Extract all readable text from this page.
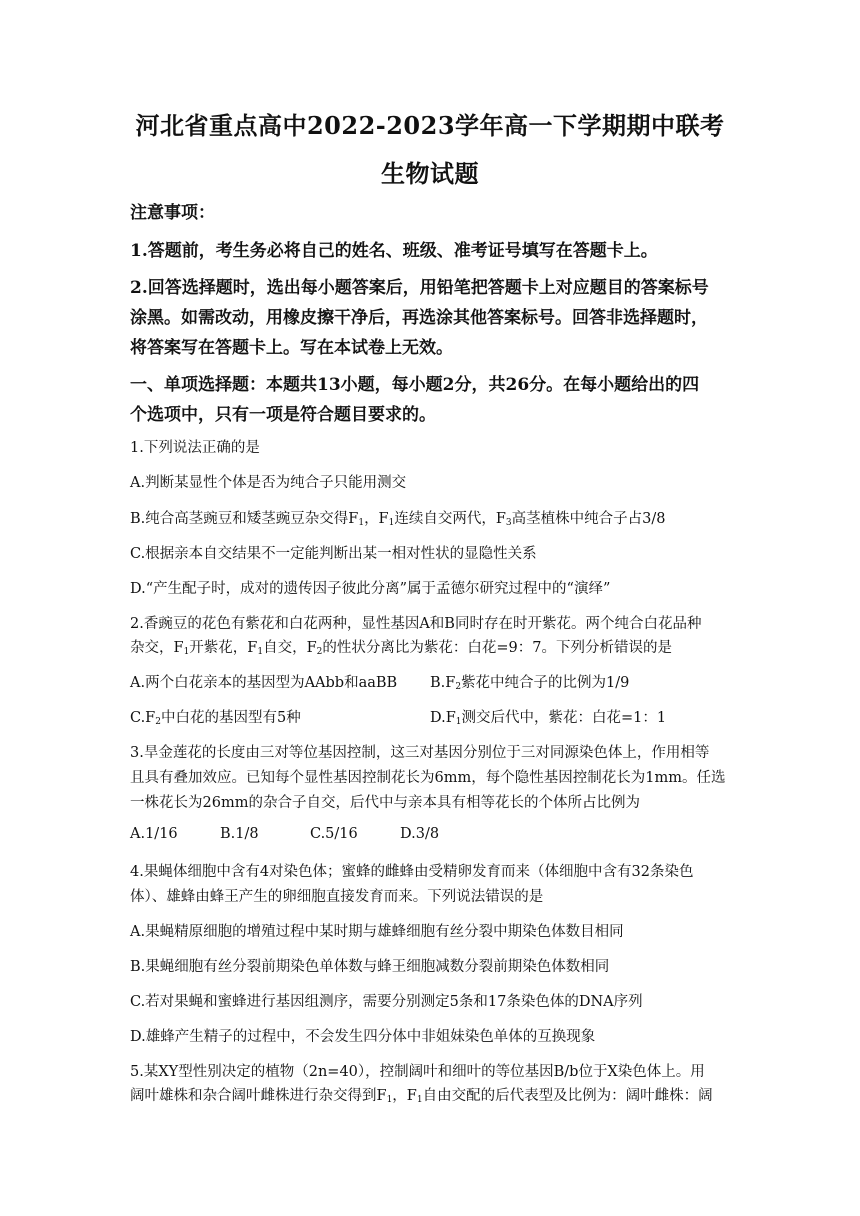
河北省重点高中2022-2023学年高一下学期期中联考
生物试题
注意事项：
1.答题前，考生务必将自己的姓名、班级、准考证号填写在答题卡上。
2.回答选择题时，选出每小题答案后，用铅笔把答题卡上对应题目的答案标号
涂黑。如需改动，用橡皮擦干净后，再选涂其他答案标号。回答非选择题时，
将答案写在答题卡上。写在本试卷上无效。
一、单项选择题：本题共13小题，每小题2分，共26分。在每小题给出的四
个选项中，只有一项是符合题目要求的。
1.下列说法正确的是
A.判断某显性个体是否为纯合子只能用测交
B.纯合高茎豌豆和矮茎豌豆杂交得$F_1$，$F_1$连续自交两代，$F_3$高茎植株中纯合子占3/8
C.根据亲本自交结果不一定能判断出某一相对性状的显隐性关系
D.“产生配子时，成对的遗传因子彼此分离”属于孟德尔研究过程中的“演绎”
2.香豌豆的花色有紫花和白花两种，显性基因A和B同时存在时开紫花。两个纯合白花品种
杂交，$F_1$开紫花，$F_1$自交，$F_2$的性状分离比为紫花：白花=9：7。下列分析错误的是
A.两个白花亲本的基因型为AAbb和aaBB $B.F_2$紫花中纯合子的比例为1/9
$C.F_2$中白花的基因型有5种	$D.F_1$测交后代中，紫花：白花=1：1
3.旱金莲花的长度由三对等位基因控制，这三对基因分别位于三对同源染色体上，作用相等
且具有叠加效应。已知每个显性基因控制花长为6mm，每个隐性基因控制花长为1mm。任选
一株花长为26mm的杂合子自交，后代中与亲本具有相等花长的个体所占比例为
A.1/16	B.1/8	C.5/16	D.3/8
4.果蝇体细胞中含有4对染色体；蜜蜂的雌蜂由受精卵发育而来（体细胞中含有32条染色
体）、雄蜂由蜂王产生的卵细胞直接发育而来。下列说法错误的是
A.果蝇精原细胞的增殖过程中某时期与雄蜂细胞有丝分裂中期染色体数目相同
B.果蝇细胞有丝分裂前期染色单体数与蜂王细胞减数分裂前期染色体数相同
C.若对果蝇和蜜蜂进行基因组测序，需要分别测定5条和17条染色体的DNA序列
D.雄蜂产生精子的过程中，不会发生四分体中非姐妹染色单体的互换现象
5.某XY型性别决定的植物（2n=40），控制阔叶和细叶的等位基因B/b位于X染色体上。用
阔叶雄株和杂合阔叶雌株进行杂交得到$F_1$，$F_1$自由交配的后代表型及比例为：阔叶雌株：阔
